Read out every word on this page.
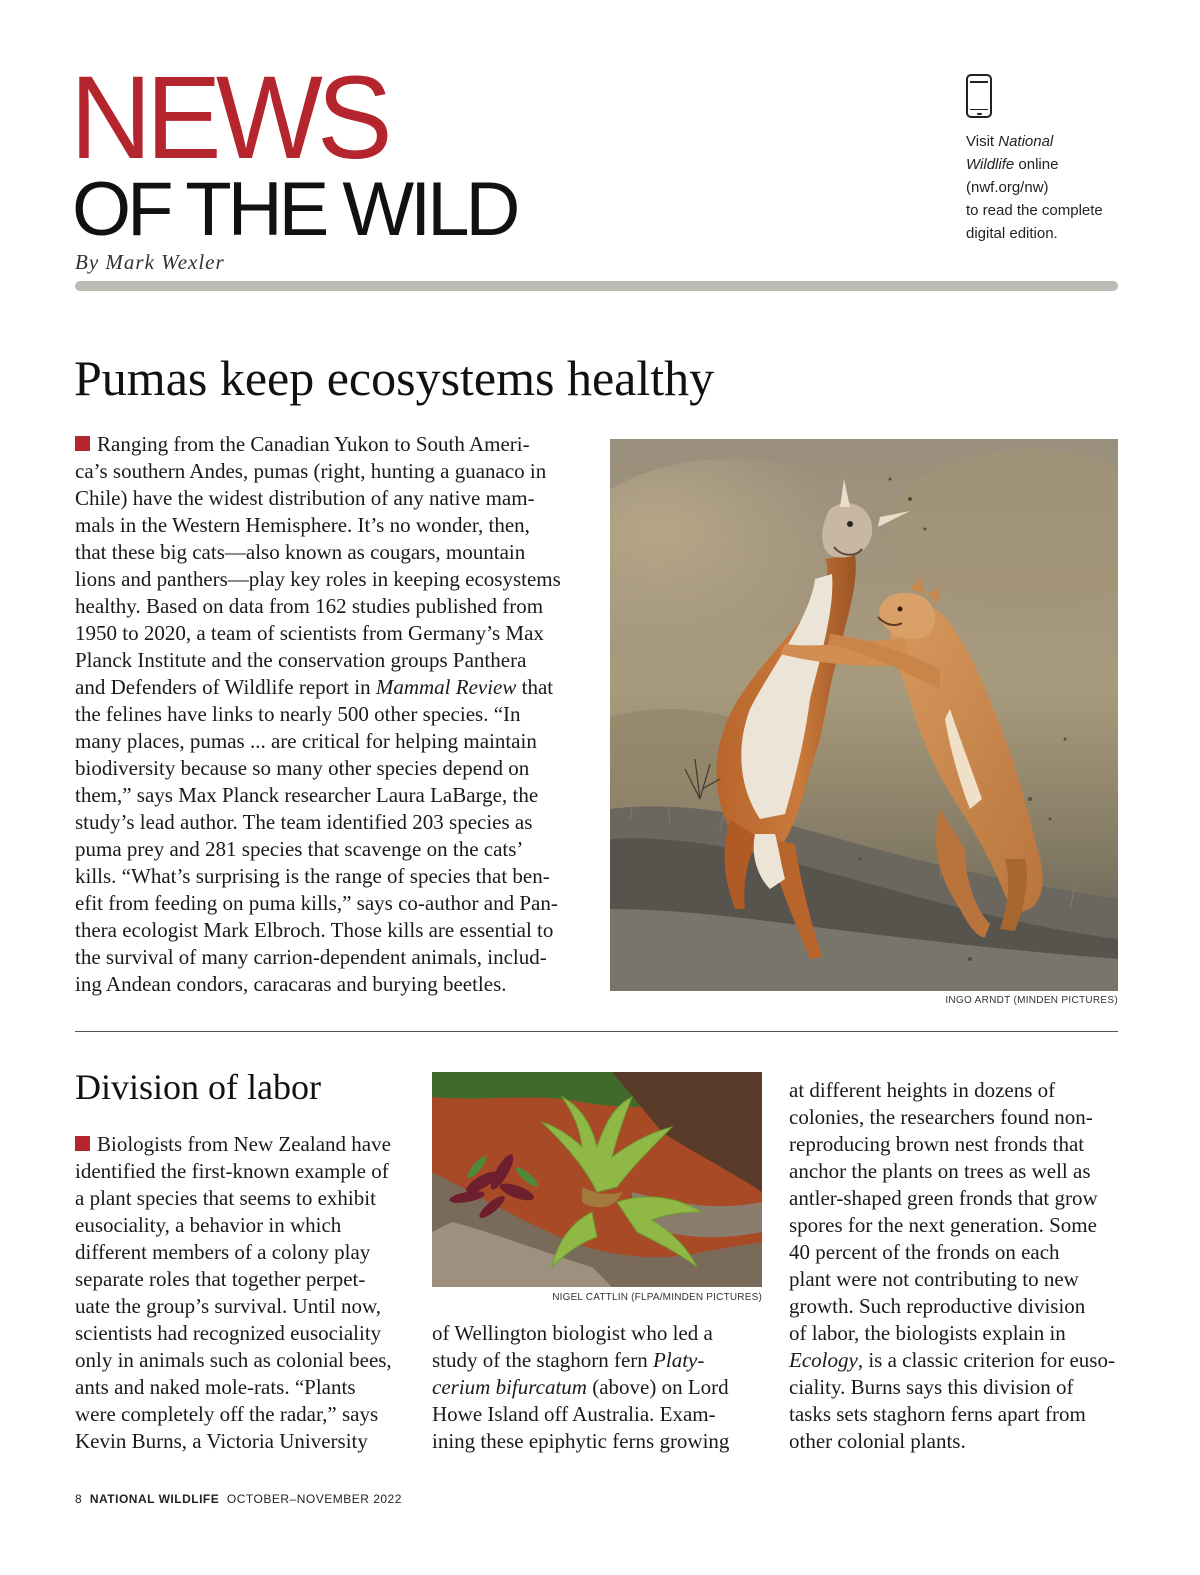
NEWS
OF THE WILD
By Mark Wexler
Visit National
Wildlife online
(nwf.org/nw)
to read the complete
digital edition.
Pumas keep ecosystems healthy
Ranging from the Canadian Yukon to South Ameri-
ca’s southern Andes, pumas (right, hunting a guanaco in
Chile) have the widest distribution of any native mam-
mals in the Western Hemisphere. It’s no wonder, then,
that these big cats—also known as cougars, mountain
lions and panthers—play key roles in keeping ecosystems
healthy. Based on data from 162 studies published from
1950 to 2020, a team of scientists from Germany’s Max
Planck Institute and the conservation groups Panthera
and Defenders of Wildlife report in Mammal Review that
the felines have links to nearly 500 other species. “In
many places, pumas ... are critical for helping maintain
biodiversity because so many other species depend on
them,” says Max Planck researcher Laura LaBarge, the
study’s lead author. The team identified 203 species as
puma prey and 281 species that scavenge on the cats’
kills. “What’s surprising is the range of species that ben-
efit from feeding on puma kills,” says co-author and Pan-
thera ecologist Mark Elbroch. Those kills are essential to
the survival of many carrion-dependent animals, includ-
ing Andean condors, caracaras and burying beetles.
INGO ARNDT (MINDEN PICTURES)
Division of labor
Biologists from New Zealand have
identified the first-known example of
a plant species that seems to exhibit
eusociality, a behavior in which
different members of a colony play
separate roles that together perpet-
uate the group’s survival. Until now,
scientists had recognized eusociality
only in animals such as colonial bees,
ants and naked mole-rats. “Plants
were completely off the radar,” says
Kevin Burns, a Victoria University
NIGEL CATTLIN (FLPA/MINDEN PICTURES)
of Wellington biologist who led a
study of the staghorn fern Platy-
cerium bifurcatum (above) on Lord
Howe Island off Australia. Exam-
ining these epiphytic ferns growing
at different heights in dozens of
colonies, the researchers found non-
reproducing brown nest fronds that
anchor the plants on trees as well as
antler-shaped green fronds that grow
spores for the next generation. Some
40 percent of the fronds on each
plant were not contributing to new
growth. Such reproductive division
of labor, the biologists explain in
Ecology, is a classic criterion for euso-
ciality. Burns says this division of
tasks sets staghorn ferns apart from
other colonial plants.
8 NATIONAL WILDLIFE OCTOBER–NOVEMBER 2022
